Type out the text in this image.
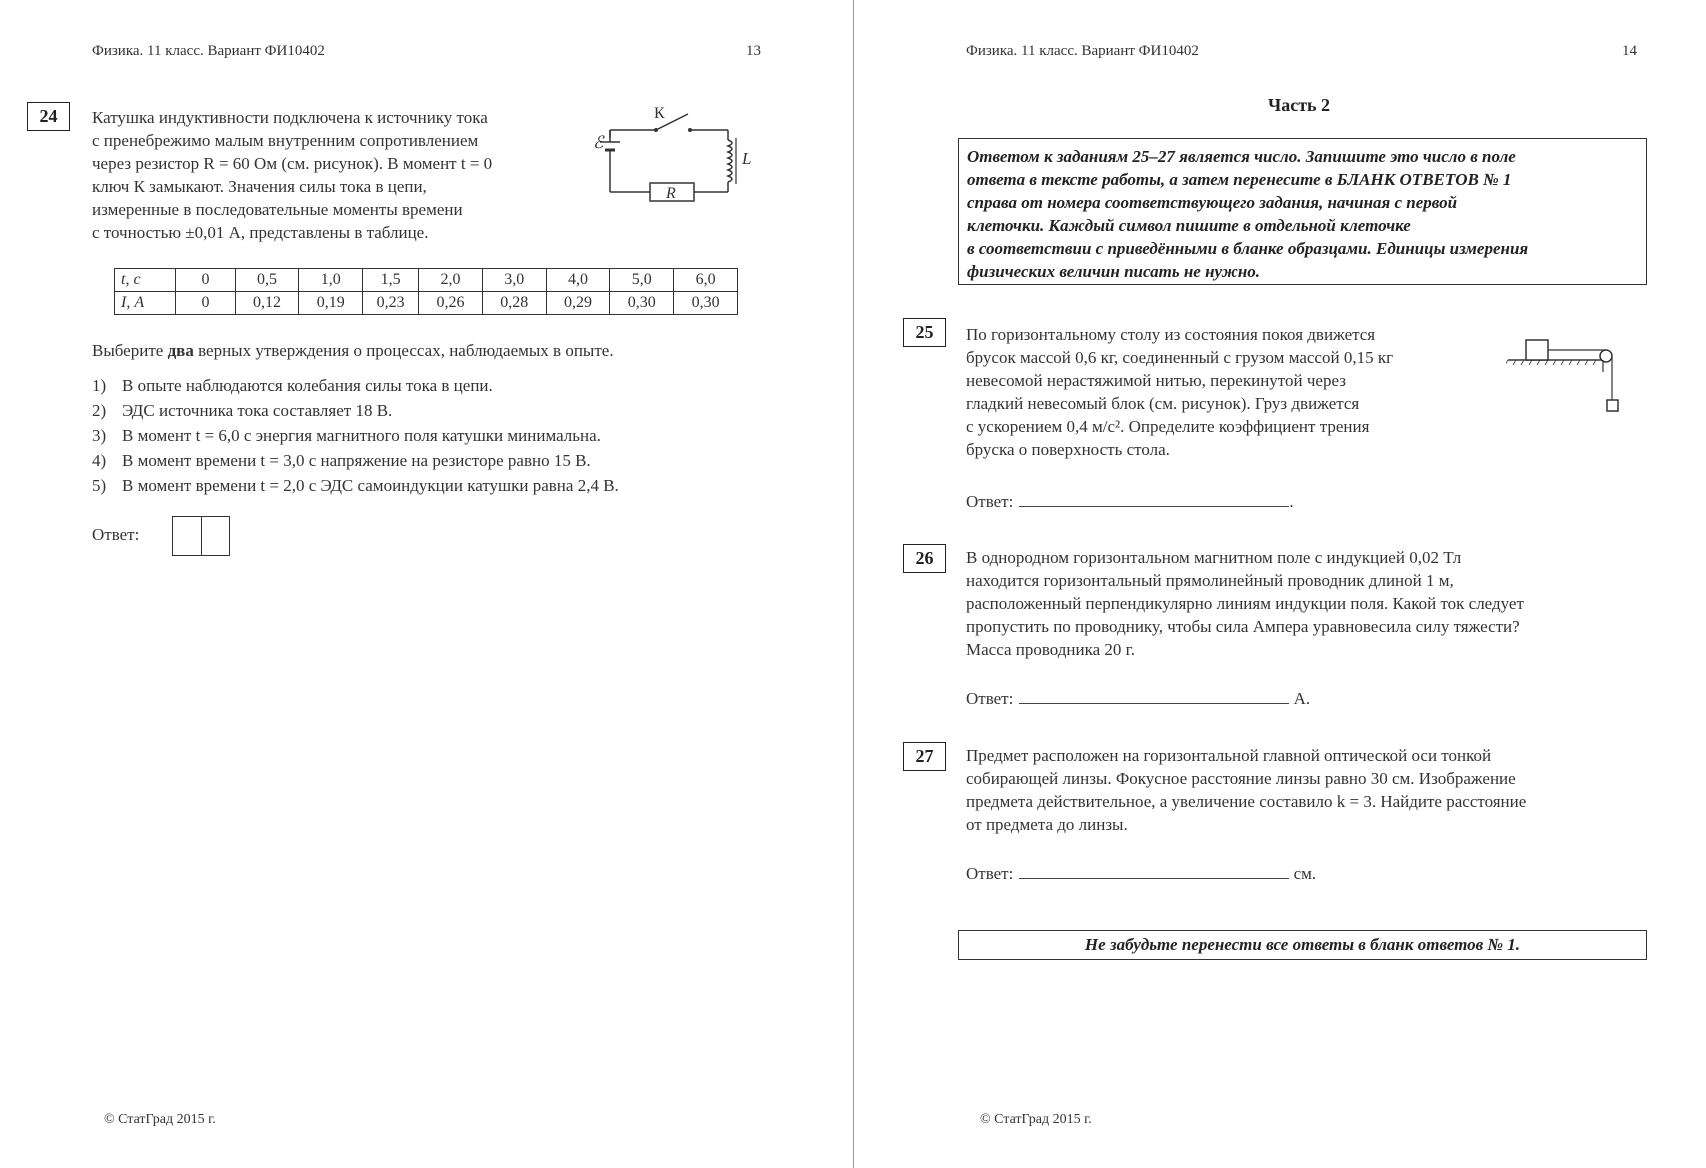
Физика. 11 класс. Вариант ФИ10402	13
24	Катушка индуктивности подключена к источнику тока

с пренебрежимо малым внутренним сопротивлением

через резистор R = 60 Ом (см. рисунок). В момент t = 0

ключ К замыкают. Значения силы тока в цепи,

измеренные в последовательные моменты времени

с точностью ±0,01 А, представлены в таблице.

К
ℰ
L
R
t, с	0	0,5	1,0	1,5	2,0	3,0	4,0	5,0	6,0
I, А	0	0,12	0,19	0,23	0,26	0,28	0,29	0,30	0,30
Выберите два верных утверждения о процессах, наблюдаемых в опыте.
1) В опыте наблюдаются колебания силы тока в цепи.
2) ЭДС источника тока составляет 18 В.
3) В момент t = 6,0 с энергия магнитного поля катушки минимальна.
4) В момент времени t = 3,0 с напряжение на резисторе равно 15 В.
5) В момент времени t = 2,0 с ЭДС самоиндукции катушки равна 2,4 В.
Ответ:
© СтатГрад 2015 г.
Физика. 11 класс. Вариант ФИ10402	14
Часть 2
Ответом к заданиям 25–27 является число. Запишите это число в поле
ответа в тексте работы, а затем перенесите в БЛАНК ОТВЕТОВ № 1
справа от номера соответствующего задания, начиная с первой
клеточки. Каждый символ пишите в отдельной клеточке
в соответствии с приведёнными в бланке образцами. Единицы измерения
физических величин писать не нужно.
25	По горизонтальному столу из состояния покоя движется

брусок массой 0,6 кг, соединенный с грузом массой 0,15 кг

невесомой нерастяжимой нитью, перекинутой через

гладкий невесомый блок (см. рисунок). Груз движется

с ускорением 0,4 м/с². Определите коэффициент трения

бруска о поверхность стола.

Ответ:	.
26	В однородном горизонтальном магнитном поле с индукцией 0,02 Тл

находится горизонтальный прямолинейный проводник длиной 1 м,

расположенный перпендикулярно линиям индукции поля. Какой ток следует

пропустить по проводнику, чтобы сила Ампера уравновесила силу тяжести?

Масса проводника 20 г.

Ответ:	А.
27	Предмет расположен на горизонтальной главной оптической оси тонкой

собирающей линзы. Фокусное расстояние линзы равно 30 см. Изображение

предмета действительное, а увеличение составило k = 3. Найдите расстояние

от предмета до линзы.

Ответ:	см.
Не забудьте перенести все ответы в бланк ответов № 1.
© СтатГрад 2015 г.
